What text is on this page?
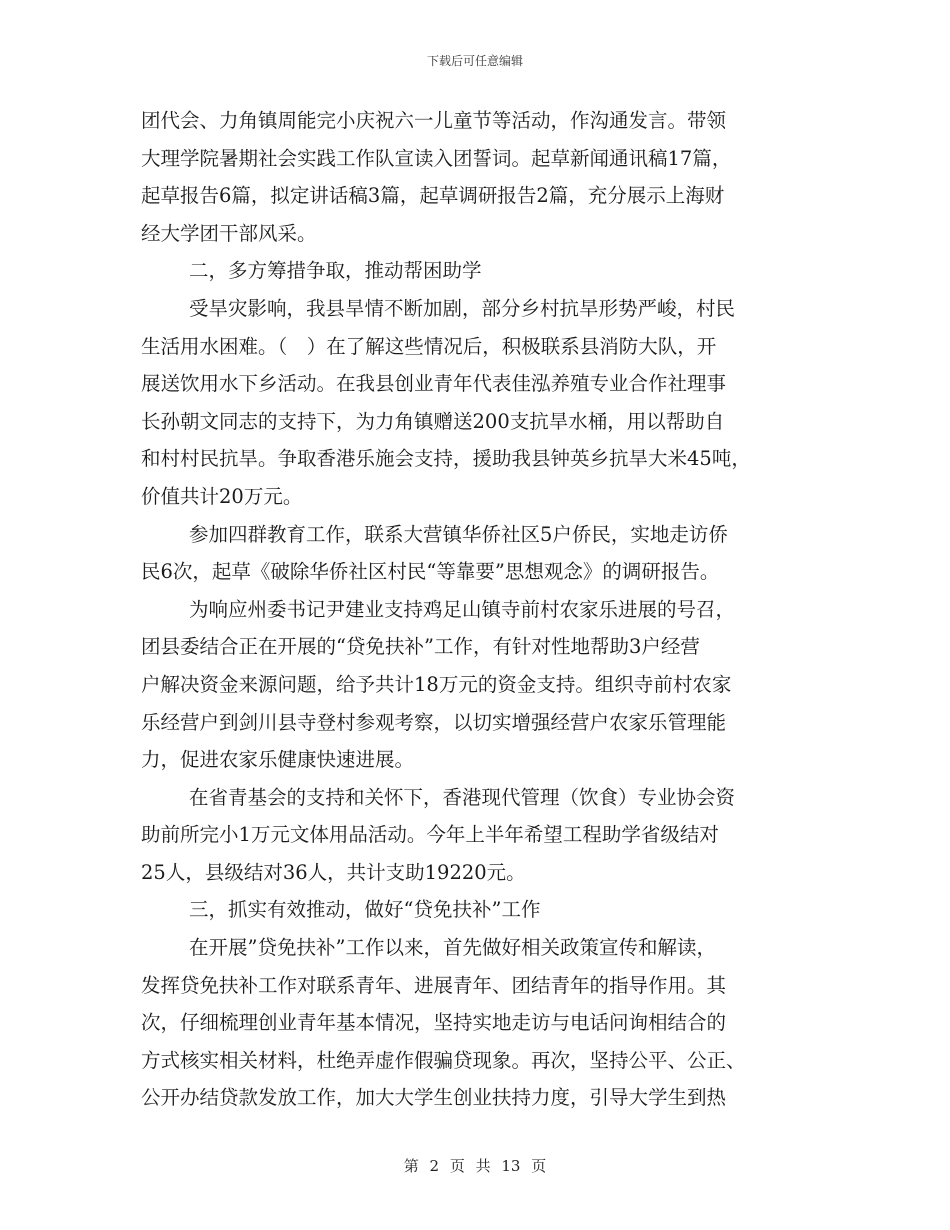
下载后可任意编辑
团代会、力角镇周能完小庆祝六一儿童节等活动，作沟通发言。带领
大理学院暑期社会实践工作队宣读入团誓词。起草新闻通讯稿17篇，
起草报告6篇，拟定讲话稿3篇，起草调研报告2篇，充分展示上海财
经大学团干部风采。
二，多方筹措争取，推动帮困助学
受旱灾影响，我县旱情不断加剧，部分乡村抗旱形势严峻，村民
生活用水困难。（　）在了解这些情况后，积极联系县消防大队，开
展送饮用水下乡活动。在我县创业青年代表佳泓养殖专业合作社理事
长孙朝文同志的支持下，为力角镇赠送200支抗旱水桶，用以帮助自
和村村民抗旱。争取香港乐施会支持，援助我县钟英乡抗旱大米45吨，
价值共计20万元。
参加四群教育工作，联系大营镇华侨社区5户侨民，实地走访侨
民6次，起草《破除华侨社区村民“等靠要”思想观念》的调研报告。
为响应州委书记尹建业支持鸡足山镇寺前村农家乐进展的号召，
团县委结合正在开展的“贷免扶补”工作，有针对性地帮助3户经营
户解决资金来源问题，给予共计18万元的资金支持。组织寺前村农家
乐经营户到剑川县寺登村参观考察，以切实增强经营户农家乐管理能
力，促进农家乐健康快速进展。
在省青基会的支持和关怀下，香港现代管理（饮食）专业协会资
助前所完小1万元文体用品活动。今年上半年希望工程助学省级结对
25人，县级结对36人，共计支助19220元。
三，抓实有效推动，做好“贷免扶补”工作
在开展”贷免扶补”工作以来，首先做好相关政策宣传和解读，
发挥贷免扶补工作对联系青年、进展青年、团结青年的指导作用。其
次，仔细梳理创业青年基本情况，坚持实地走访与电话问询相结合的
方式核实相关材料，杜绝弄虚作假骗贷现象。再次，坚持公平、公正、
公开办结贷款发放工作，加大大学生创业扶持力度，引导大学生到热
第 2 页 共 13 页
